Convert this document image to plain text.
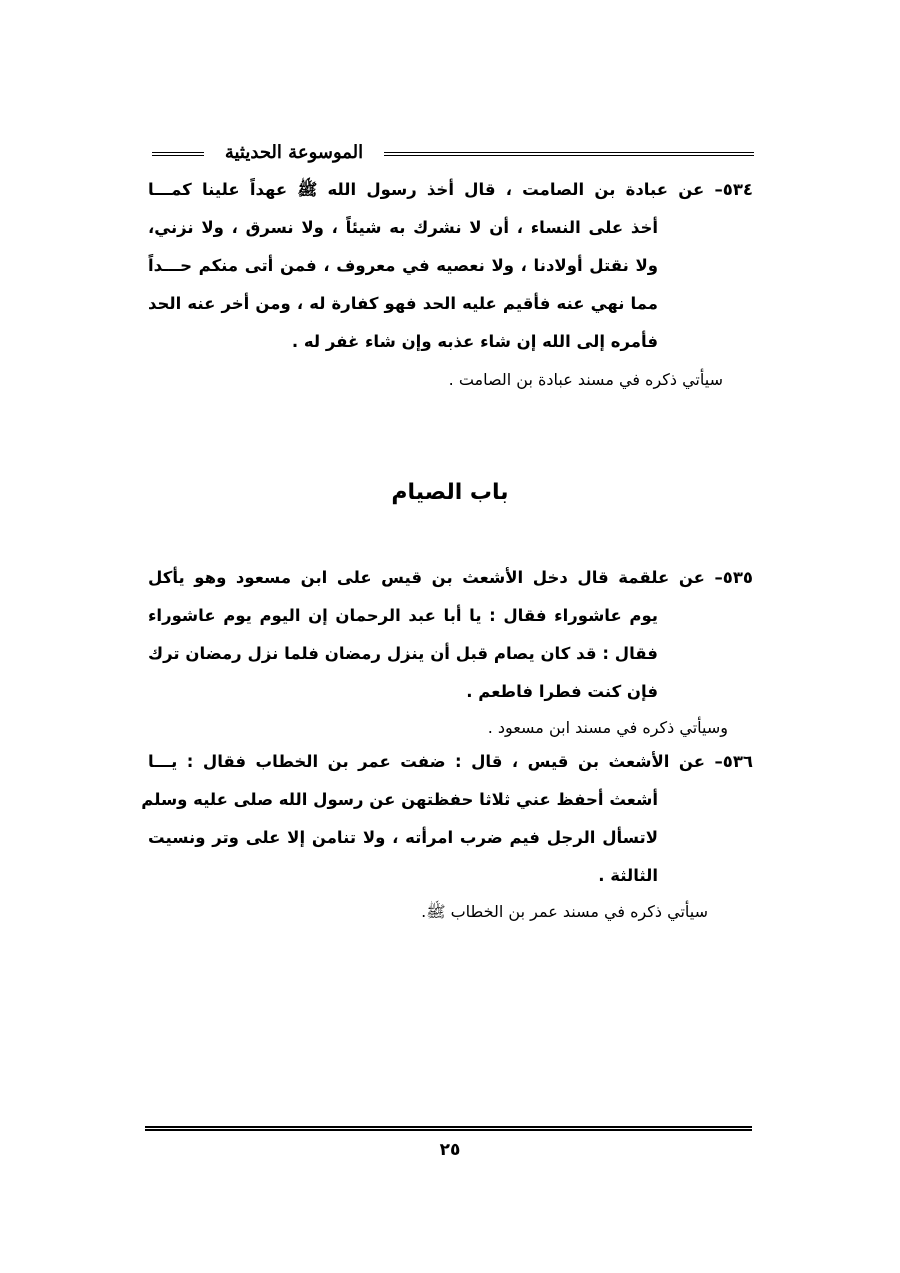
الموسوعة الحديثية
٥٣٤– عن عبادة بن الصامت ، قال أخذ رسول الله ﷺ عهداً علينا كمـــا
أخذ على النساء ، أن لا نشرك به شيئاً ، ولا نسرق ، ولا نزني،
ولا نقتل أولادنا ، ولا نعصيه في معروف ، فمن أتى منكم حـــداً
مما نهي عنه فأقيم عليه الحد فهو كفارة له ، ومن أخر عنه الحد
فأمره إلى الله إن شاء عذبه وإن شاء غفر له .
سيأتي ذكره في مسند عبادة بن الصامت .
باب الصيام
٥٣٥– عن علقمة قال دخل الأشعث بن قيس على ابن مسعود وهو يأكل
يوم عاشوراء فقال : يا أبا عبد الرحمان إن اليوم يوم عاشوراء
فقال : قد كان يصام قبل أن ينزل رمضان فلما نزل رمضان ترك
فإن كنت فطرا فاطعم .
وسيأتي ذكره في مسند ابن مسعود .
٥٣٦– عن الأشعث بن قيس ، قال : ضفت عمر بن الخطاب فقال : يـــا
أشعث أحفظ عني ثلاثا حفظتهن عن رسول الله صلى عليه وسلم
لاتسأل الرجل فيم ضرب امرأته ، ولا تنامن إلا على وتر ونسيت
الثالثة .
سيأتي ذكره في مسند عمر بن الخطاب ﷺ.
٢٥
